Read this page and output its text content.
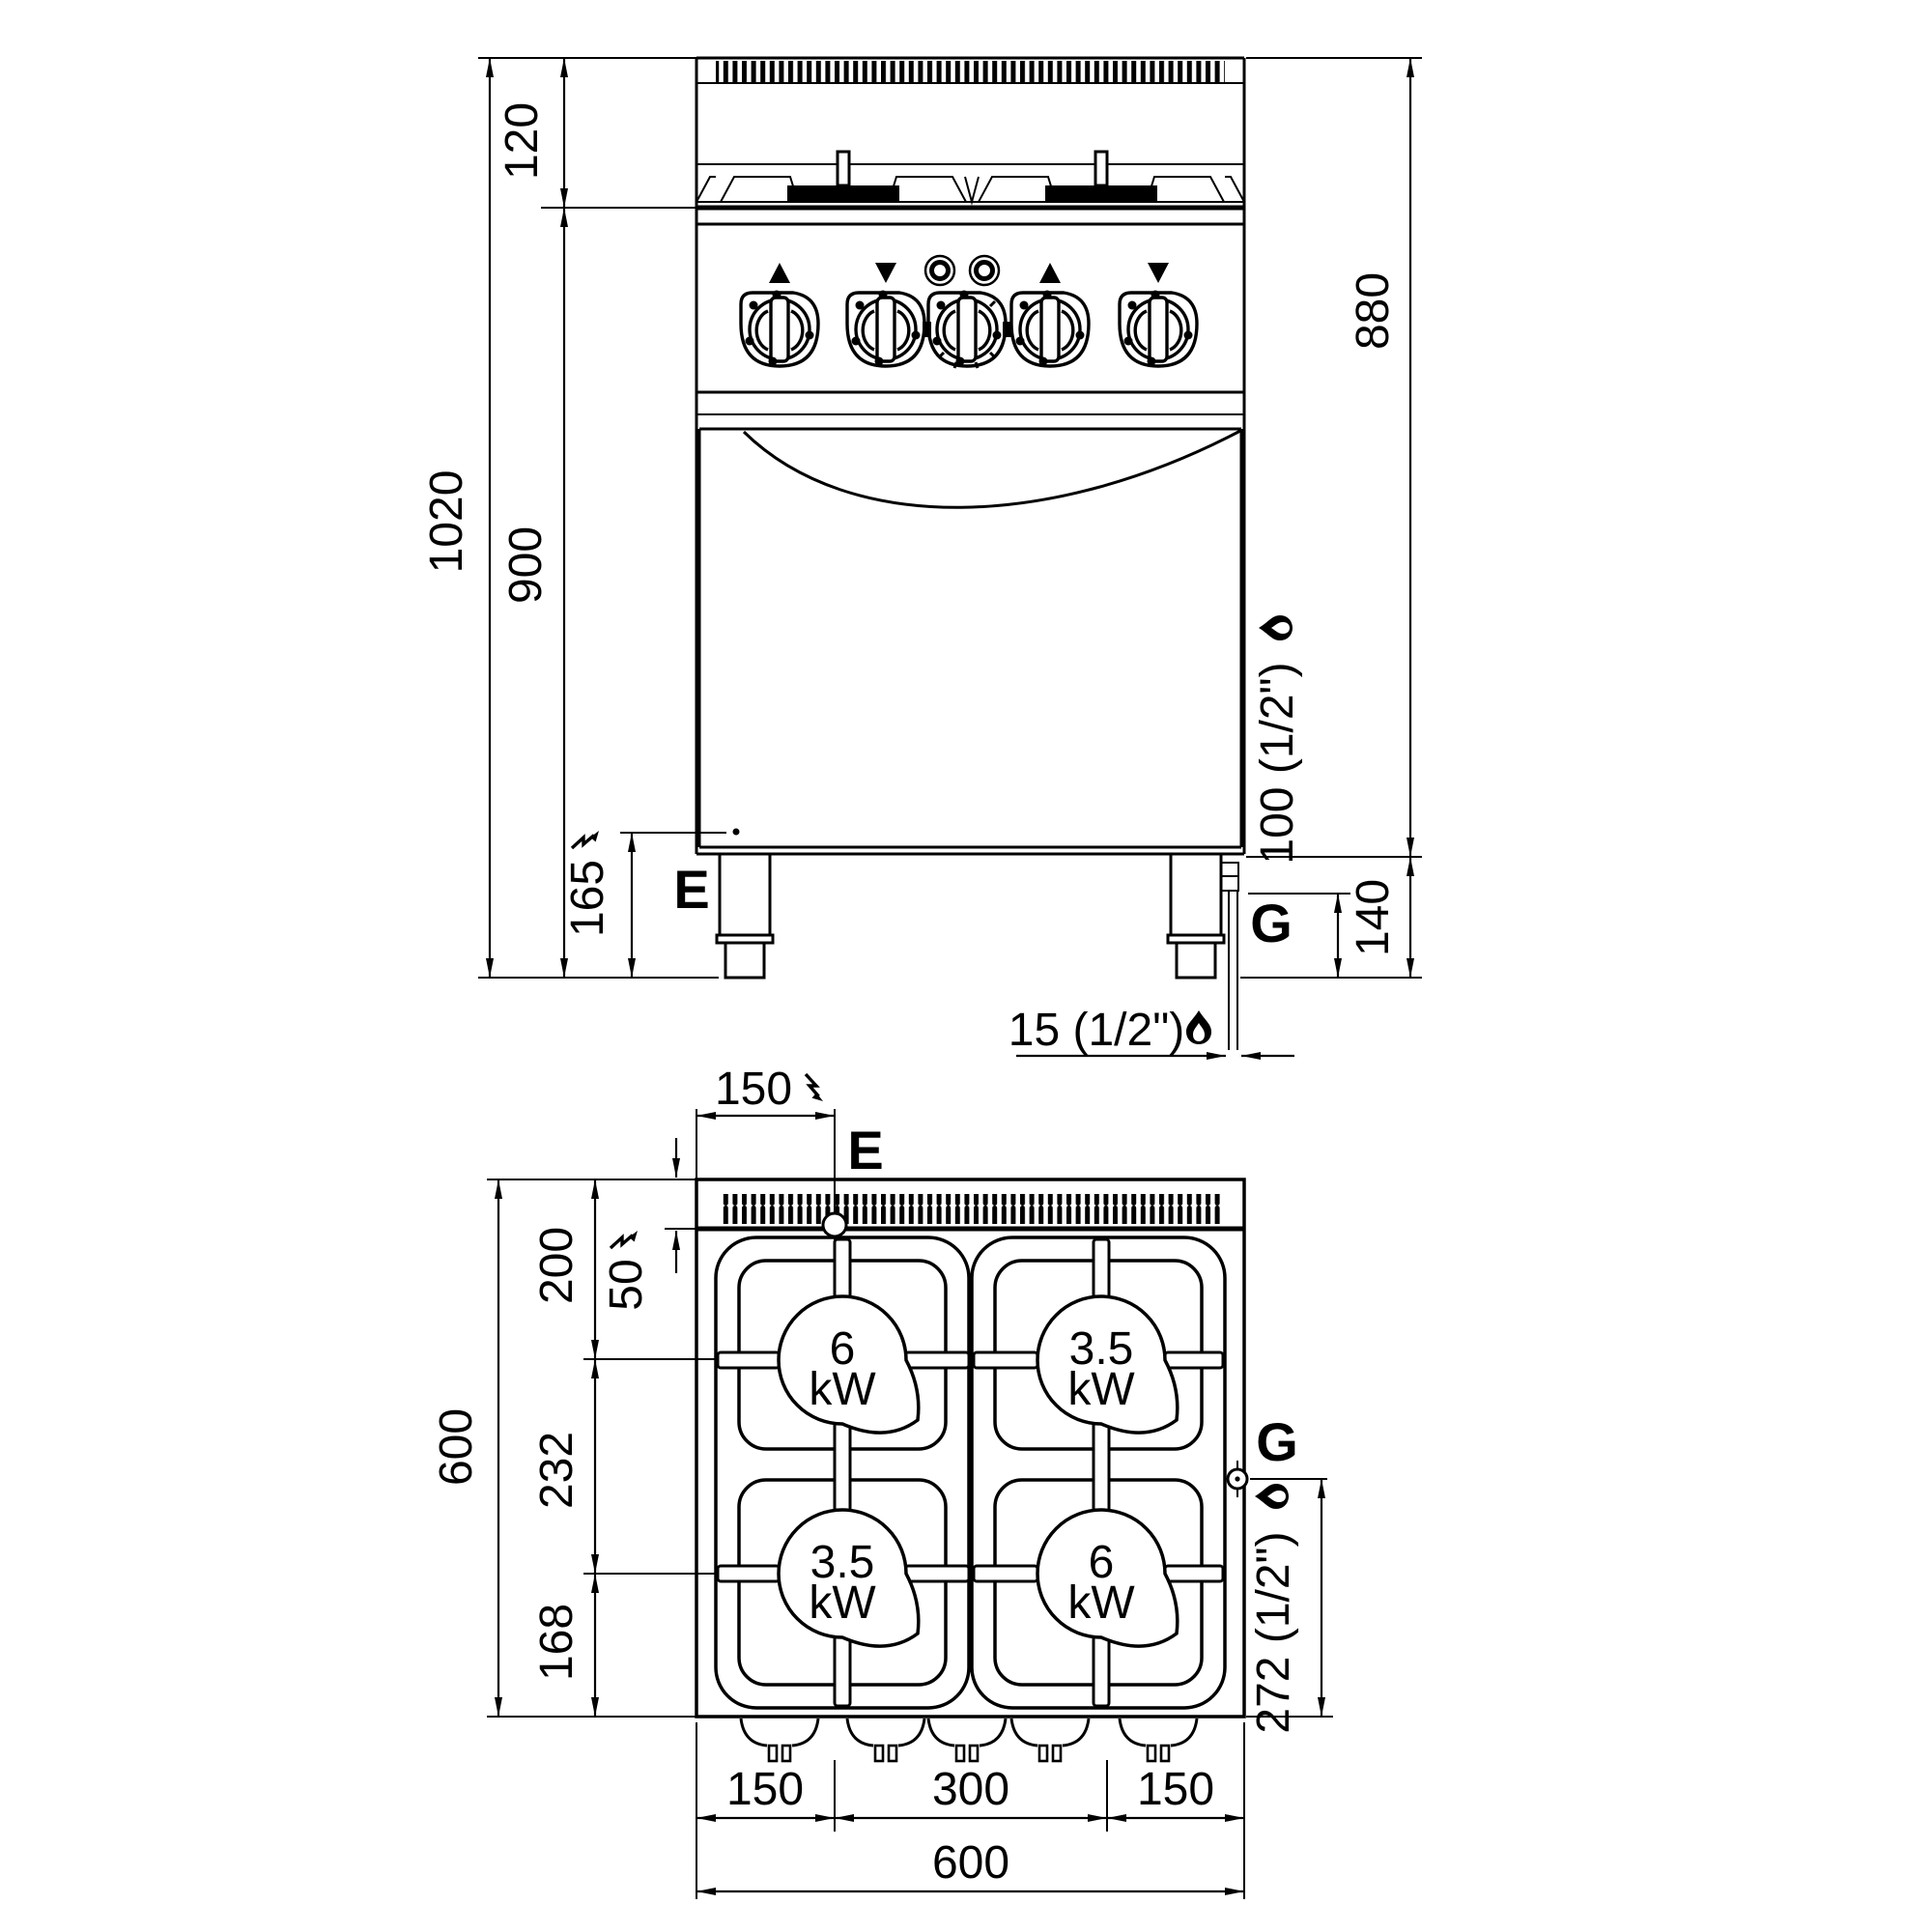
120
1020 900
165 E
880
140
100 (1/2")
G
15 (1/2")
6
kW
3.5
kW
3.5
kW
6
kW
150
E
50
600
200
232
168
G
272 (1/2")
150	300	150
600
